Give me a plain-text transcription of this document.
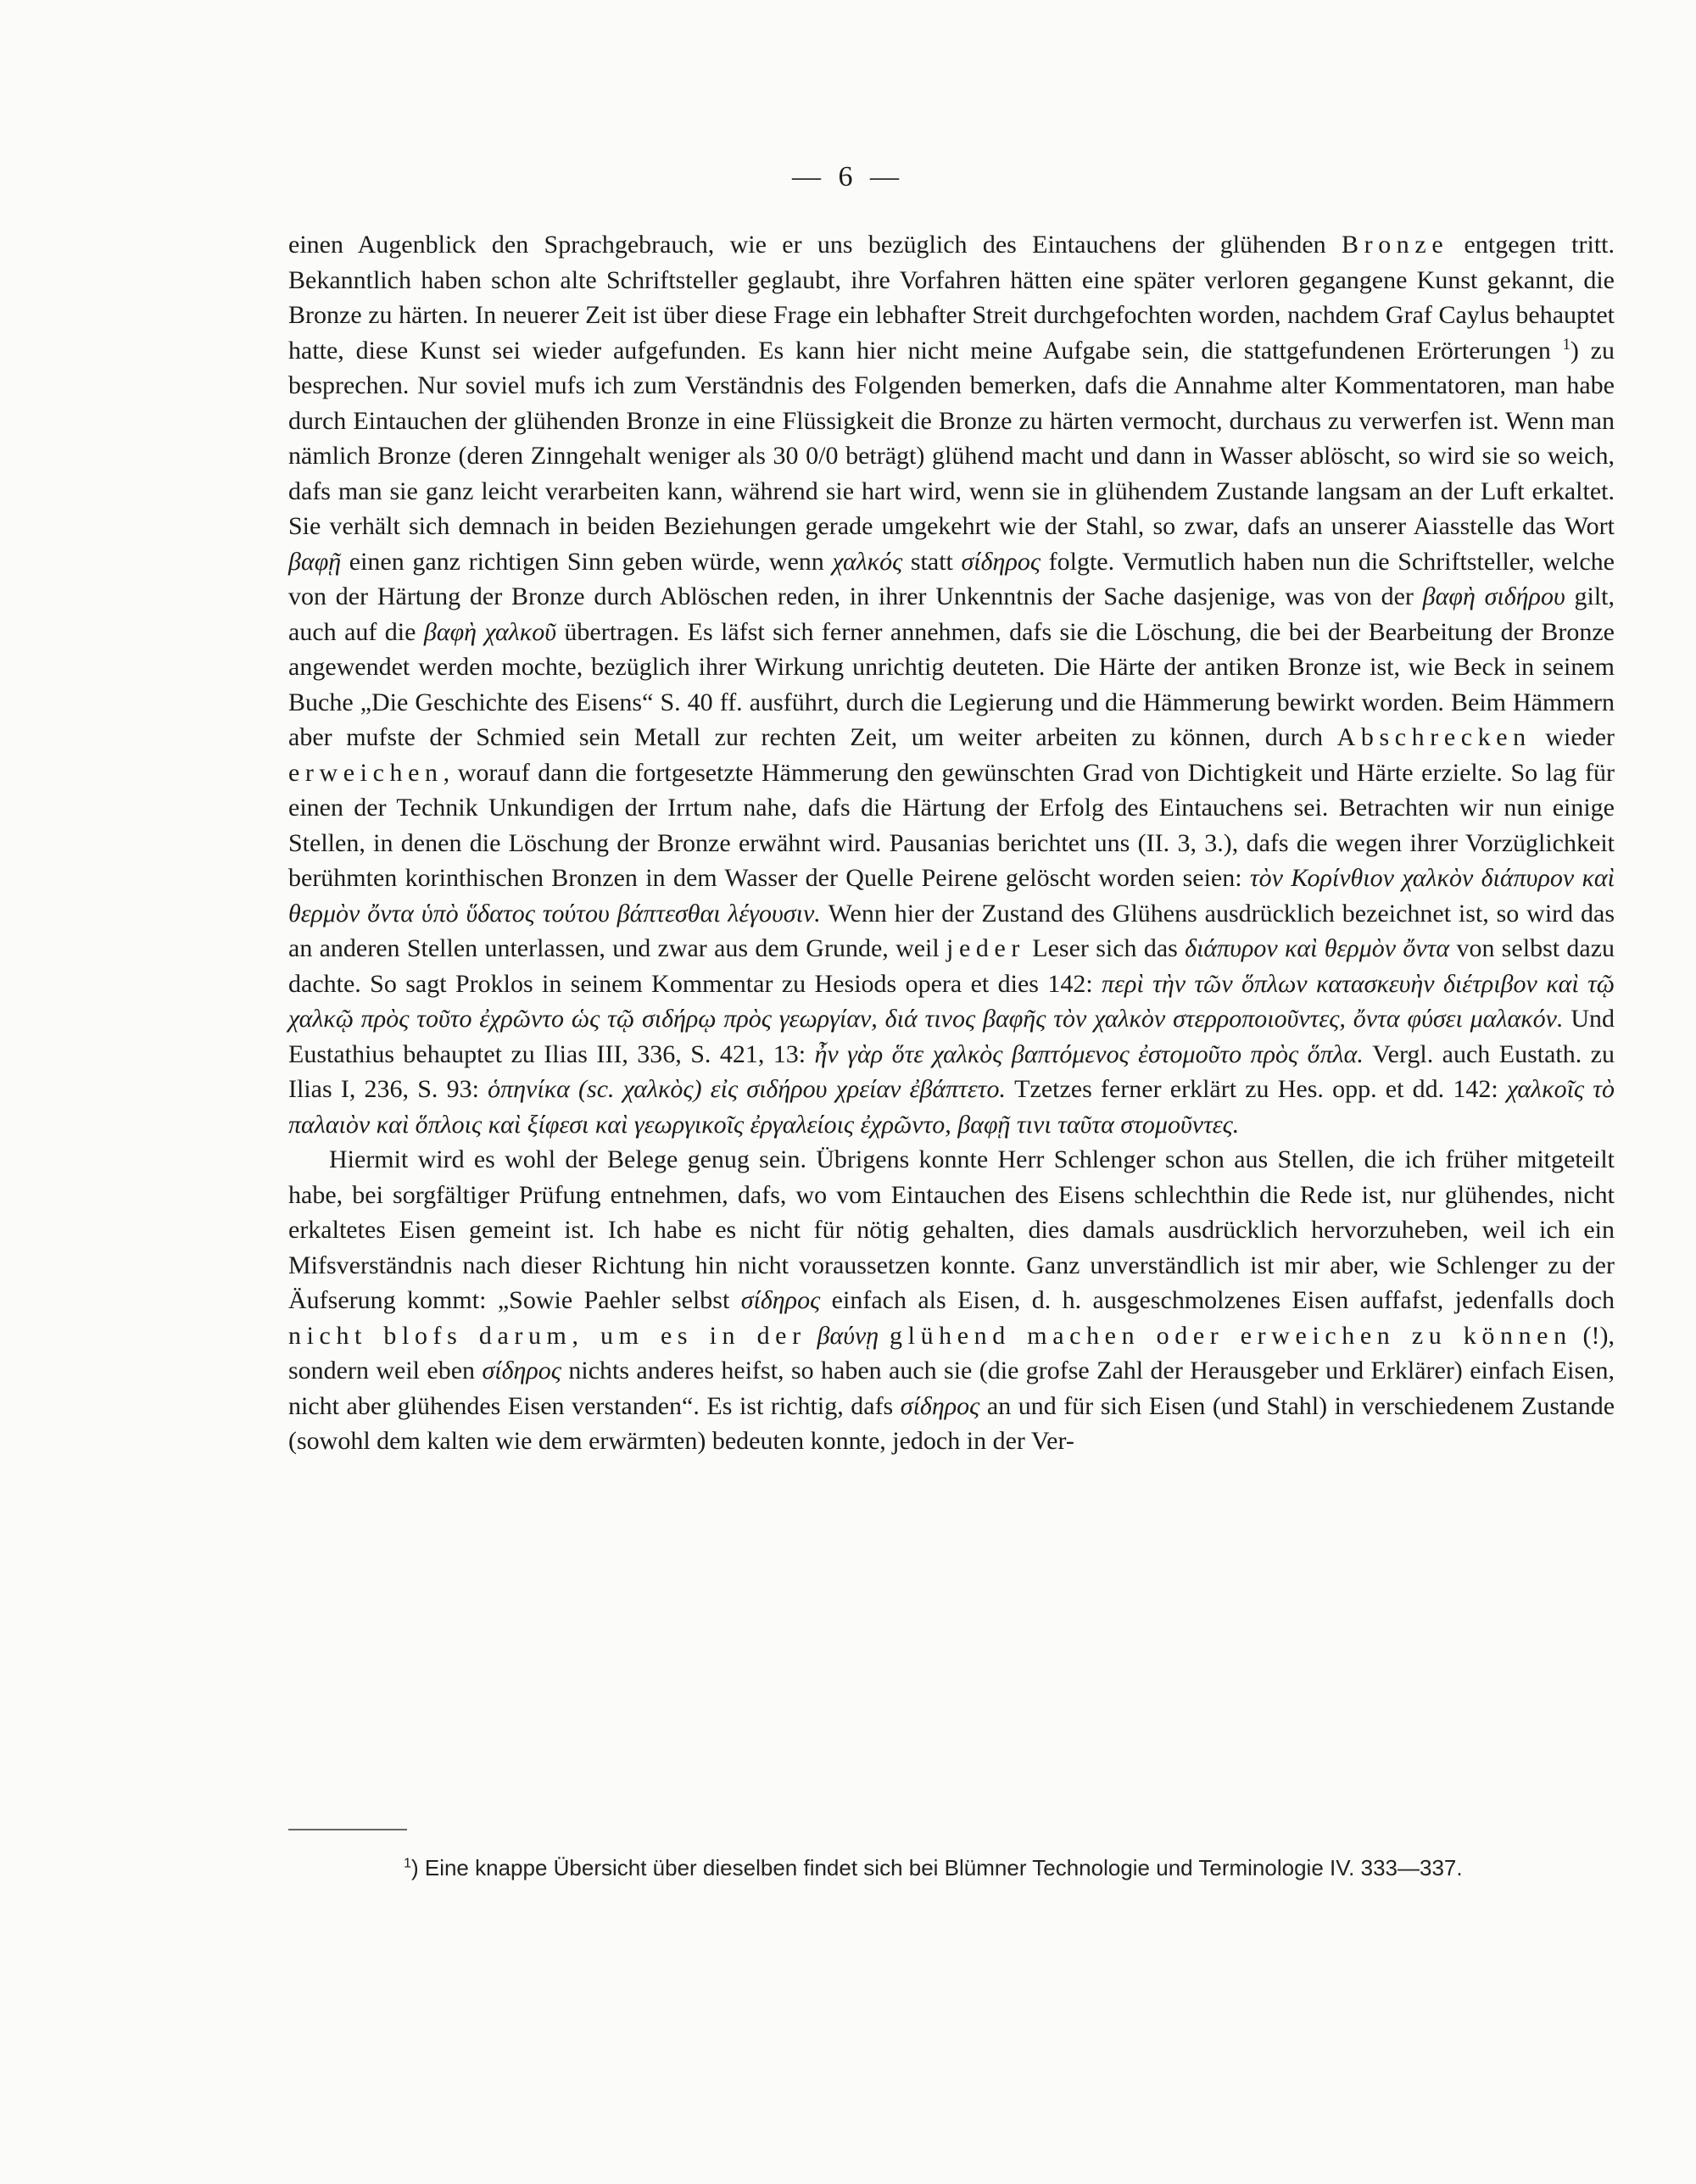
— 6 —

einen Augenblick den Sprachgebrauch, wie er uns bezüglich des Eintauchens der glühenden Bronze entgegen tritt. Bekanntlich haben schon alte Schriftsteller geglaubt, ihre Vorfahren hätten eine später verloren gegangene Kunst gekannt, die Bronze zu härten. In neuerer Zeit ist über diese Frage ein lebhafter Streit durchgefochten worden, nachdem Graf Caylus behauptet hatte, diese Kunst sei wieder aufgefunden. Es kann hier nicht meine Aufgabe sein, die stattgefundenen Erörterungen $^1$) zu besprechen. Nur soviel mufs ich zum Verständnis des Folgenden bemerken, dafs die Annahme alter Kommentatoren, man habe durch Eintauchen der glühenden Bronze in eine Flüssigkeit die Bronze zu härten vermocht, durchaus zu verwerfen ist. Wenn man nämlich Bronze (deren Zinngehalt weniger als 30 0/0 beträgt) glühend macht und dann in Wasser ablöscht, so wird sie so weich, dafs man sie ganz leicht verarbeiten kann, während sie hart wird, wenn sie in glühendem Zustande langsam an der Luft erkaltet. Sie verhält sich demnach in beiden Beziehungen gerade umgekehrt wie der Stahl, so zwar, dafs an unserer Aiasstelle das Wort βαφῇ einen ganz richtigen Sinn geben würde, wenn χαλκός statt σίδηρος folgte. Vermutlich haben nun die Schriftsteller, welche von der Härtung der Bronze durch Ablöschen reden, in ihrer Unkenntnis der Sache dasjenige, was von der βαφὴ σιδήρου gilt, auch auf die βαφὴ χαλκοῦ übertragen. Es läfst sich ferner annehmen, dafs sie die Löschung, die bei der Bearbeitung der Bronze angewendet werden mochte, bezüglich ihrer Wirkung unrichtig deuteten. Die Härte der antiken Bronze ist, wie Beck in seinem Buche „Die Geschichte des Eisens“ S. 40 ff. ausführt, durch die Legierung und die Hämmerung bewirkt worden. Beim Hämmern aber mufste der Schmied sein Metall zur rechten Zeit, um weiter arbeiten zu können, durch Abschrecken wieder erweichen, worauf dann die fortgesetzte Hämmerung den gewünschten Grad von Dichtigkeit und Härte erzielte. So lag für einen der Technik Unkundigen der Irrtum nahe, dafs die Härtung der Erfolg des Eintauchens sei. Betrachten wir nun einige Stellen, in denen die Löschung der Bronze erwähnt wird. Pausanias berichtet uns (II. 3, 3.), dafs die wegen ihrer Vorzüglichkeit berühmten korinthischen Bronzen in dem Wasser der Quelle Peirene gelöscht worden seien: τὸν Κορίνθιον χαλκὸν διάπυρον καὶ θερμὸν ὄντα ὑπὸ ὕδατος τούτου βάπτεσθαι λέγουσιν. Wenn hier der Zustand des Glühens ausdrücklich bezeichnet ist, so wird das an anderen Stellen unterlassen, und zwar aus dem Grunde, weil jeder Leser sich das διάπυρον καὶ θερμὸν ὄντα von selbst dazu dachte. So sagt Proklos in seinem Kommentar zu Hesiods opera et dies 142: περὶ τὴν τῶν ὅπλων κατασκευὴν διέτριβον καὶ τῷ χαλκῷ πρὸς τοῦτο ἐχρῶντο ὡς τῷ σιδήρῳ πρὸς γεωργίαν, διά τινος βαφῆς τὸν χαλκὸν στερροποιοῦντες, ὄντα φύσει μαλακόν. Und Eustathius behauptet zu Ilias III, 336, S. 421, 13: ἦν γὰρ ὅτε χαλκὸς βαπτόμενος ἐστομοῦτο πρὸς ὅπλα. Vergl. auch Eustath. zu Ilias I, 236, S. 93: ὁπηνίκα (sc. χαλκὸς) εἰς σιδήρου χρείαν ἐβάπτετο. Tzetzes ferner erklärt zu Hes. opp. et dd. 142: χαλκοῖς τὸ παλαιὸν καὶ ὅπλοις καὶ ξίφεσι καὶ γεωργικοῖς ἐργαλείοις ἐχρῶντο, βαφῇ τινι ταῦτα στομοῦντες.

Hiermit wird es wohl der Belege genug sein. Übrigens konnte Herr Schlenger schon aus Stellen, die ich früher mitgeteilt habe, bei sorgfältiger Prüfung entnehmen, dafs, wo vom Eintauchen des Eisens schlechthin die Rede ist, nur glühendes, nicht erkaltetes Eisen gemeint ist. Ich habe es nicht für nötig gehalten, dies damals ausdrücklich hervorzuheben, weil ich ein Mifsverständnis nach dieser Richtung hin nicht voraussetzen konnte. Ganz unverständlich ist mir aber, wie Schlenger zu der Äufserung kommt: „Sowie Paehler selbst σίδηρος einfach als Eisen, d. h. ausgeschmolzenes Eisen auffafst, jedenfalls doch nicht blofs darum, um es in der βαύνῃ glühend machen oder erweichen zu können (!), sondern weil eben σίδηρος nichts anderes heifst, so haben auch sie (die grofse Zahl der Herausgeber und Erklärer) einfach Eisen, nicht aber glühendes Eisen verstanden“. Es ist richtig, dafs σίδηρος an und für sich Eisen (und Stahl) in verschiedenem Zustande (sowohl dem kalten wie dem erwärmten) bedeuten konnte, jedoch in der Ver-

$^1$) Eine knappe Übersicht über dieselben findet sich bei Blümner Technologie und Terminologie IV. 333—337.
